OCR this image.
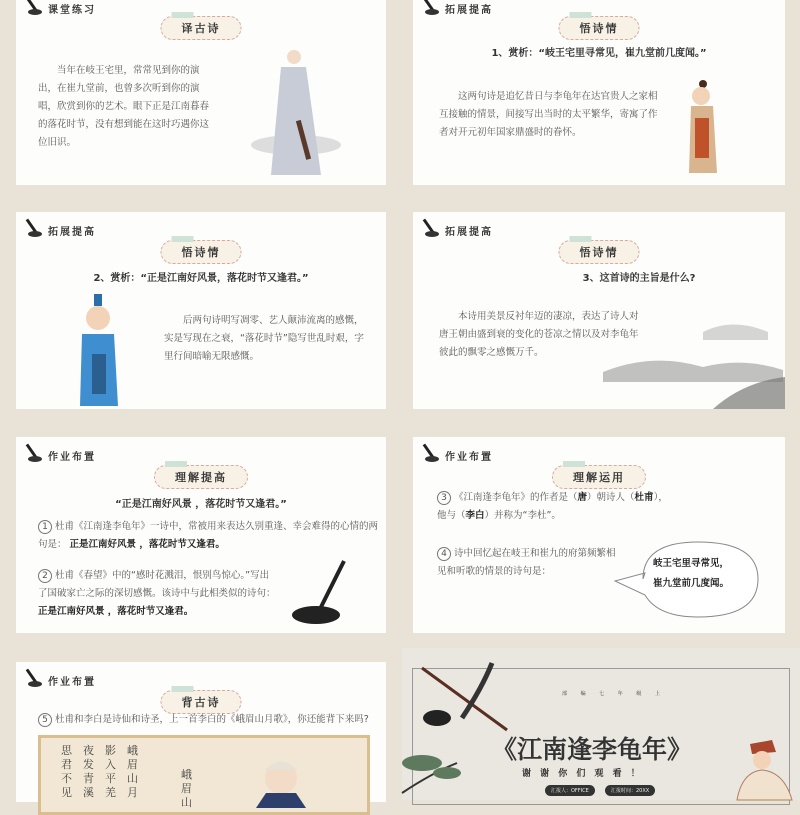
课堂练习
译古诗
当年在岐王宅里，常常见到你的演出，在崔九堂前，也曾多次听到你的演唱，欣赏到你的艺术。眼下正是江南暮春的落花时节，没有想到能在这时巧遇你这位旧识。
拓展提高
悟诗情
1、赏析：“岐王宅里寻常见，崔九堂前几度闻。”
这两句诗是追忆昔日与李龟年在达官贵人之家相互接触的情景，间接写出当时的太平繁华，寄寓了作者对开元初年国家鼎盛时的眷怀。
拓展提高
悟诗情
2、赏析：“正是江南好风景，落花时节又逢君。”
后两句诗明写凋零、艺人颠沛流离的感慨，实是写现在之衰，“落花时节”隐写世乱时艰，字里行间暗喻无限感慨。
拓展提高
悟诗情
3、这首诗的主旨是什么?
本诗用美景反衬年迈的凄凉，表达了诗人对唐王朝由盛到衰的变化的苍凉之情以及对李龟年彼此的飘零之感慨万千。
作业布置
理解提高
“正是江南好风景 ，落花时节又逢君。”
1 杜甫《江南逢李龟年》一诗中，常被用来表达久别重逢、幸会难得的心情的两句是： 正是江南好风景 ，落花时节又逢君。
2 杜甫《春望》中的“感时花溅泪，恨别鸟惊心。”写出了国破家亡之际的深切感慨。该诗中与此相类似的诗句： 正是江南好风景 ，落花时节又逢君。
作业布置
理解运用
3 《江南逢李龟年》的作者是（唐）朝诗人（杜甫），
他与（李白）并称为“李杜”。
4 诗中回忆起在岐王和崔九的府第频繁相见和听歌的情景的诗句是：
岐王宅里寻常见，
崔九堂前几度闻。
作业布置
背古诗
5 杜甫和李白是诗仙和诗圣，上一首李白的《峨眉山月歌》，你还能背下来吗?
思君不见
夜发青溪
影入平羌
峨眉山月
峨眉山
部 编 七 年 级 上
《江南逢李龟年》
谢 谢 你 们 观 看 ！
汇报人：OFFICE	汇报时间：20XX
